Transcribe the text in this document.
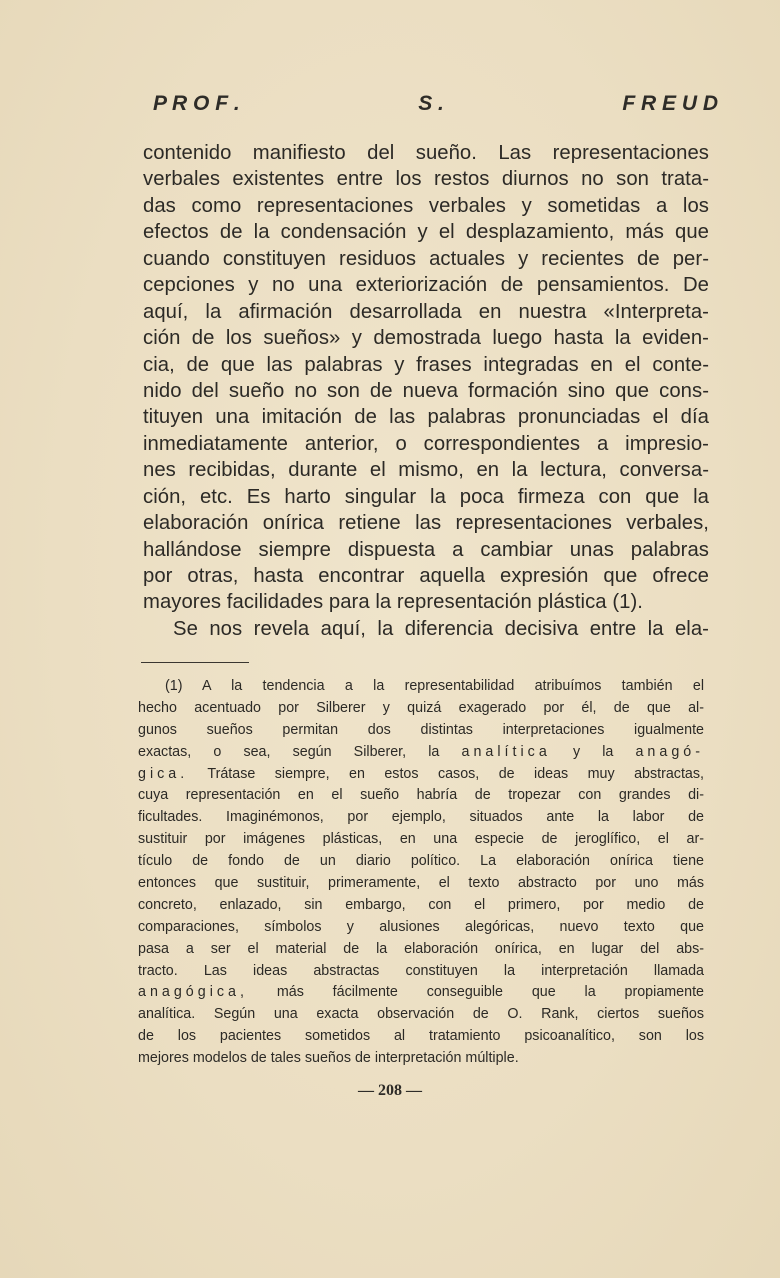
P R O F .	S .	F R E U D
contenido manifiesto del sueño. Las representaciones
verbales existentes entre los restos diurnos no son trata-
das como representaciones verbales y sometidas a los
efectos de la condensación y el desplazamiento, más que
cuando constituyen residuos actuales y recientes de per-
cepciones y no una exteriorización de pensamientos. De
aquí, la afirmación desarrollada en nuestra «Interpreta-
ción de los sueños» y demostrada luego hasta la eviden-
cia, de que las palabras y frases integradas en el conte-
nido del sueño no son de nueva formación sino que cons-
tituyen una imitación de las palabras pronunciadas el día
inmediatamente anterior, o correspondientes a impresio-
nes recibidas, durante el mismo, en la lectura, conversa-
ción, etc. Es harto singular la poca firmeza con que la
elaboración onírica retiene las representaciones verbales,
hallándose siempre dispuesta a cambiar unas palabras
por otras, hasta encontrar aquella expresión que ofrece
mayores facilidades para la representación plástica (1).
Se nos revela aquí, la diferencia decisiva entre la ela-
(1) A la tendencia a la representabilidad atribuímos también el
hecho acentuado por Silberer y quizá exagerado por él, de que al-
gunos sueños permitan dos distintas interpretaciones igualmente
exactas, o sea, según Silberer, la analítica y la anagó-
gica. Trátase siempre, en estos casos, de ideas muy abstractas,
cuya representación en el sueño habría de tropezar con grandes di-
ficultades. Imaginémonos, por ejemplo, situados ante la labor de
sustituir por imágenes plásticas, en una especie de jeroglífico, el ar-
tículo de fondo de un diario político. La elaboración onírica tiene
entonces que sustituir, primeramente, el texto abstracto por uno más
concreto, enlazado, sin embargo, con el primero, por medio de
comparaciones, símbolos y alusiones alegóricas, nuevo texto que
pasa a ser el material de la elaboración onírica, en lugar del abs-
tracto. Las ideas abstractas constituyen la interpretación llamada
anagógica, más fácilmente conseguible que la propiamente
analítica. Según una exacta observación de O. Rank, ciertos sueños
de los pacientes sometidos al tratamiento psicoanalítico, son los
mejores modelos de tales sueños de interpretación múltiple.
— 208 —
